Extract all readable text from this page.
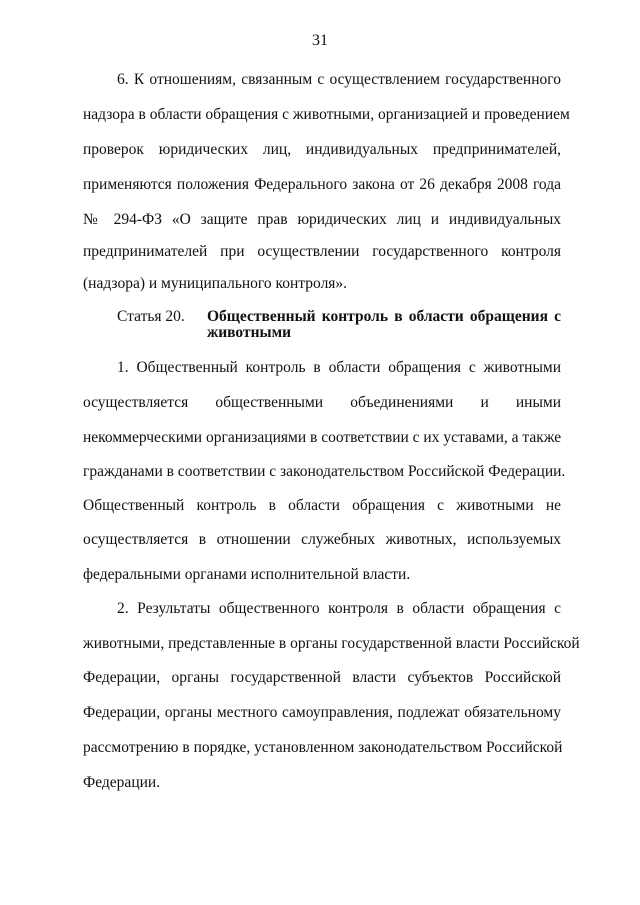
31
6. К отношениям, связанным с осуществлением государственного
надзора в области обращения с животными, организацией и проведением
проверок юридических лиц, индивидуальных предпринимателей,
применяются положения Федерального закона от 26 декабря 2008 года
№ 294-ФЗ «О защите прав юридических лиц и индивидуальных
предпринимателей при осуществлении государственного контроля
(надзора) и муниципального контроля».
Статья 20. Общественный контроль в области обращения с
животными
1. Общественный контроль в области обращения с животными
осуществляется общественными объединениями и иными
некоммерческими организациями в соответствии с их уставами, а также
гражданами в соответствии с законодательством Российской Федерации.
Общественный контроль в области обращения с животными не
осуществляется в отношении служебных животных, используемых
федеральными органами исполнительной власти.
2. Результаты общественного контроля в области обращения с
животными, представленные в органы государственной власти Российской
Федерации, органы государственной власти субъектов Российской
Федерации, органы местного самоуправления, подлежат обязательному
рассмотрению в порядке, установленном законодательством Российской
Федерации.
